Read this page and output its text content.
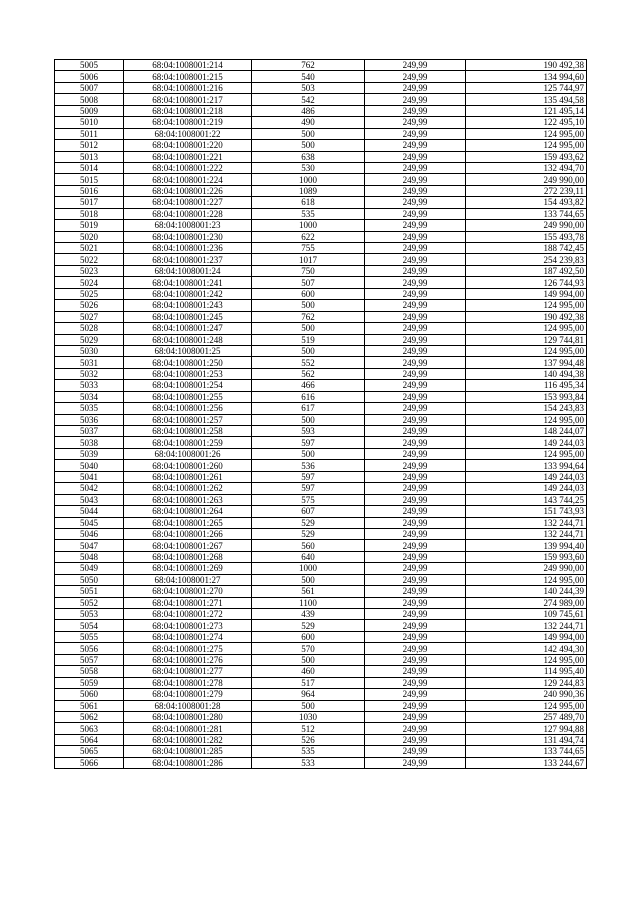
5005	68:04:1008001:214	762	249,99	190 492,38
5006	68:04:1008001:215	540	249,99	134 994,60
5007	68:04:1008001:216	503	249,99	125 744,97
5008	68:04:1008001:217	542	249,99	135 494,58
5009	68:04:1008001:218	486	249,99	121 495,14
5010	68:04:1008001:219	490	249,99	122 495,10
5011	68:04:1008001:22	500	249,99	124 995,00
5012	68:04:1008001:220	500	249,99	124 995,00
5013	68:04:1008001:221	638	249,99	159 493,62
5014	68:04:1008001:222	530	249,99	132 494,70
5015	68:04:1008001:224	1000	249,99	249 990,00
5016	68:04:1008001:226	1089	249,99	272 239,11
5017	68:04:1008001:227	618	249,99	154 493,82
5018	68:04:1008001:228	535	249,99	133 744,65
5019	68:04:1008001:23	1000	249,99	249 990,00
5020	68:04:1008001:230	622	249,99	155 493,78
5021	68:04:1008001:236	755	249,99	188 742,45
5022	68:04:1008001:237	1017	249,99	254 239,83
5023	68:04:1008001:24	750	249,99	187 492,50
5024	68:04:1008001:241	507	249,99	126 744,93
5025	68:04:1008001:242	600	249,99	149 994,00
5026	68:04:1008001:243	500	249,99	124 995,00
5027	68:04:1008001:245	762	249,99	190 492,38
5028	68:04:1008001:247	500	249,99	124 995,00
5029	68:04:1008001:248	519	249,99	129 744,81
5030	68:04:1008001:25	500	249,99	124 995,00
5031	68:04:1008001:250	552	249,99	137 994,48
5032	68:04:1008001:253	562	249,99	140 494,38
5033	68:04:1008001:254	466	249,99	116 495,34
5034	68:04:1008001:255	616	249,99	153 993,84
5035	68:04:1008001:256	617	249,99	154 243,83
5036	68:04:1008001:257	500	249,99	124 995,00
5037	68:04:1008001:258	593	249,99	148 244,07
5038	68:04:1008001:259	597	249,99	149 244,03
5039	68:04:1008001:26	500	249,99	124 995,00
5040	68:04:1008001:260	536	249,99	133 994,64
5041	68:04:1008001:261	597	249,99	149 244,03
5042	68:04:1008001:262	597	249,99	149 244,03
5043	68:04:1008001:263	575	249,99	143 744,25
5044	68:04:1008001:264	607	249,99	151 743,93
5045	68:04:1008001:265	529	249,99	132 244,71
5046	68:04:1008001:266	529	249,99	132 244,71
5047	68:04:1008001:267	560	249,99	139 994,40
5048	68:04:1008001:268	640	249,99	159 993,60
5049	68:04:1008001:269	1000	249,99	249 990,00
5050	68:04:1008001:27	500	249,99	124 995,00
5051	68:04:1008001:270	561	249,99	140 244,39
5052	68:04:1008001:271	1100	249,99	274 989,00
5053	68:04:1008001:272	439	249,99	109 745,61
5054	68:04:1008001:273	529	249,99	132 244,71
5055	68:04:1008001:274	600	249,99	149 994,00
5056	68:04:1008001:275	570	249,99	142 494,30
5057	68:04:1008001:276	500	249,99	124 995,00
5058	68:04:1008001:277	460	249,99	114 995,40
5059	68:04:1008001:278	517	249,99	129 244,83
5060	68:04:1008001:279	964	249,99	240 990,36
5061	68:04:1008001:28	500	249,99	124 995,00
5062	68:04:1008001:280	1030	249,99	257 489,70
5063	68:04:1008001:281	512	249,99	127 994,88
5064	68:04:1008001:282	526	249,99	131 494,74
5065	68:04:1008001:285	535	249,99	133 744,65
5066	68:04:1008001:286	533	249,99	133 244,67
